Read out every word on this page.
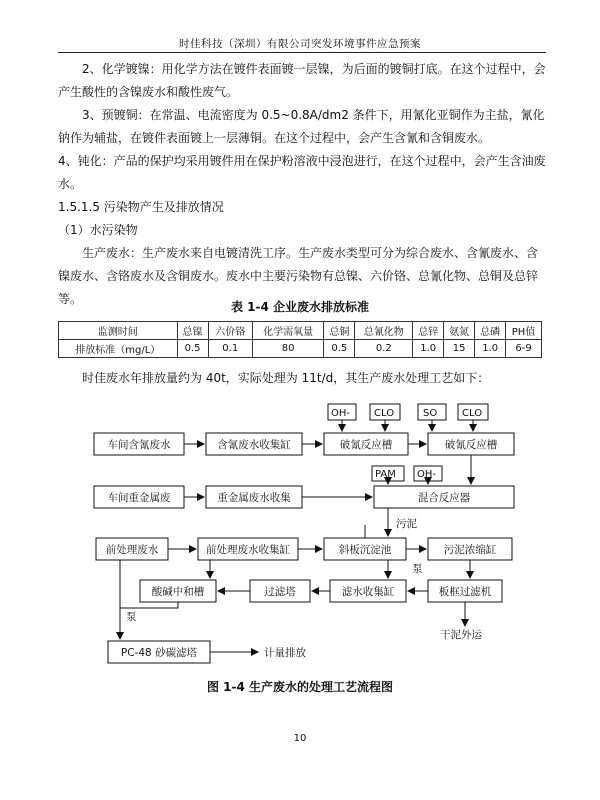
时佳科技（深圳）有限公司突发环境事件应急预案

2、化学镀镍：用化学方法在镀件表面镀一层镍，为后面的镀铜打底。在这个过程中，会产生酸性的含镍废水和酸性废气。

3、预镀铜：在常温、电流密度为 0.5~0.8A/dm2 条件下，用氰化亚铜作为主盐，氰化钠作为辅盐，在镀件表面镀上一层薄铜。在这个过程中，会产生含氰和含铜废水。

4、钝化：产品的保护均采用镀件用在保护粉溶液中浸泡进行，在这个过程中，会产生含油废水。

1.5.1.5 污染物产生及排放情况

（1）水污染物

生产废水：生产废水来自电镀清洗工序。生产废水类型可分为综合废水、含氰废水、含镍废水、含铬废水及含铜废水。废水中主要污染物有总镍、六价铬、总氰化物、总铜及总锌等。

表 1-4 企业废水排放标准
监测时间	总镍	六价铬	化学需氧量	总铜	总氰化物	总锌	氨氮	总磷	PH值
排放标准（mg/L）	0.5	0.1	80	0.5	0.2	1.0	15	1.0	6-9

时佳废水年排放量约为 40t，实际处理为 11t/d，其生产废水处理工艺如下：

OH- CLO	SO CLO
PAM OH-
车间含氰废水	含氰废水收集缸	破氰反应槽	破氰反应槽
车间重金属废	重金属废水收集	混合反应器
前处理废水	前处理废水收集缸	斜板沉淀池	污泥浓缩缸
酸碱中和槽	过滤塔	滤水收集缸	板框过滤机
PC-48 砂碳滤塔
污泥
泵
泵
干泥外运
计量排放
图 1-4 生产废水的处理工艺流程图
10
